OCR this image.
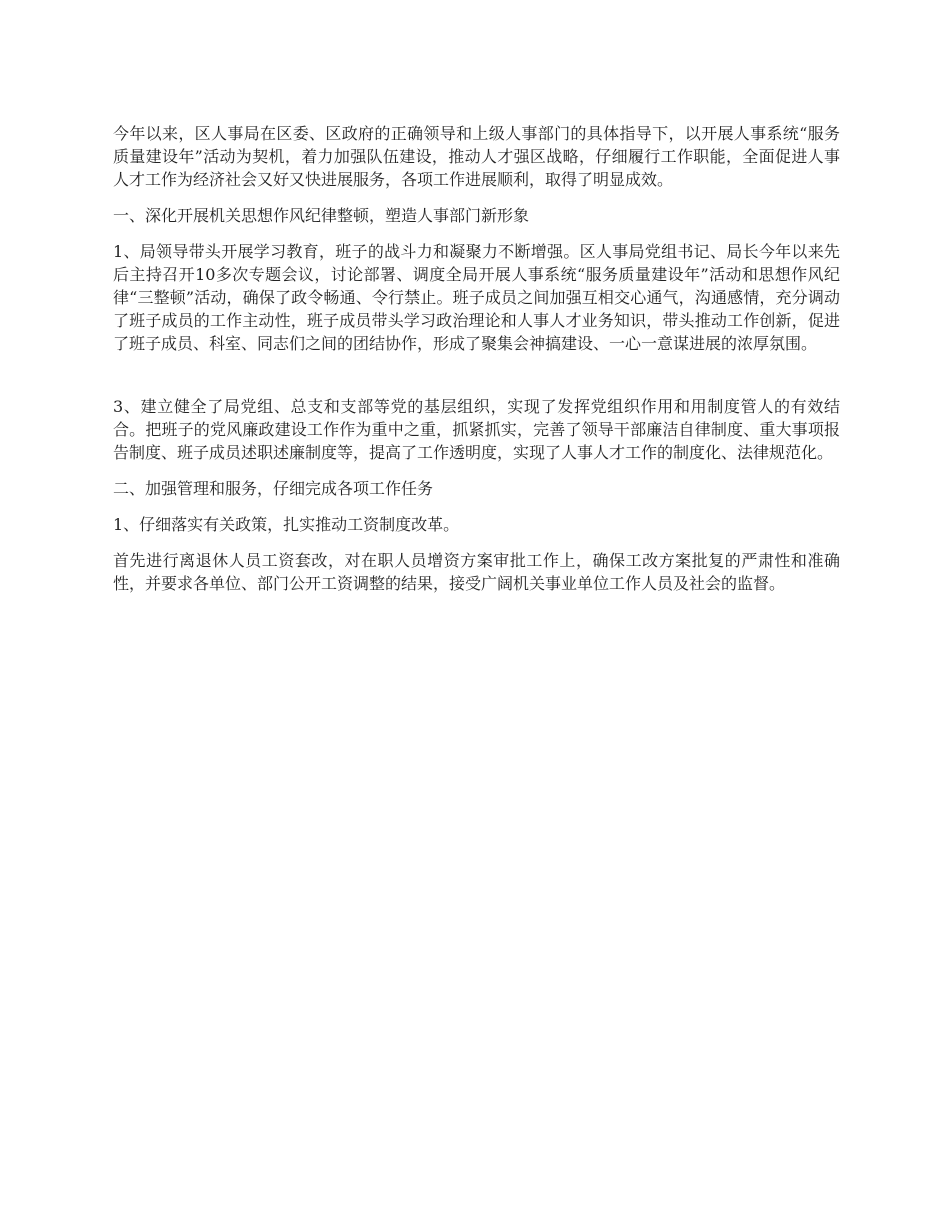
今年以来，区人事局在区委、区政府的正确领导和上级人事部门的具体指导下，以开展人事系统“服务质量建设年”活动为契机，着力加强队伍建设，推动人才强区战略，仔细履行工作职能，全面促进人事人才工作为经济社会又好又快进展服务，各项工作进展顺利，取得了明显成效。

一、深化开展机关思想作风纪律整顿，塑造人事部门新形象

1、局领导带头开展学习教育，班子的战斗力和凝聚力不断增强。区人事局党组书记、局长今年以来先后主持召开10多次专题会议，讨论部署、调度全局开展人事系统“服务质量建设年”活动和思想作风纪律“三整顿”活动，确保了政令畅通、令行禁止。班子成员之间加强互相交心通气，沟通感情，充分调动了班子成员的工作主动性，班子成员带头学习政治理论和人事人才业务知识，带头推动工作创新，促进了班子成员、科室、同志们之间的团结协作，形成了聚集会神搞建设、一心一意谋进展的浓厚氛围。

3、建立健全了局党组、总支和支部等党的基层组织，实现了发挥党组织作用和用制度管人的有效结合。把班子的党风廉政建设工作作为重中之重，抓紧抓实，完善了领导干部廉洁自律制度、重大事项报告制度、班子成员述职述廉制度等，提高了工作透明度，实现了人事人才工作的制度化、法律规范化。

二、加强管理和服务，仔细完成各项工作任务

1、仔细落实有关政策，扎实推动工资制度改革。

首先进行离退休人员工资套改，对在职人员增资方案审批工作上，确保工改方案批复的严肃性和准确性，并要求各单位、部门公开工资调整的结果，接受广阔机关事业单位工作人员及社会的监督。
